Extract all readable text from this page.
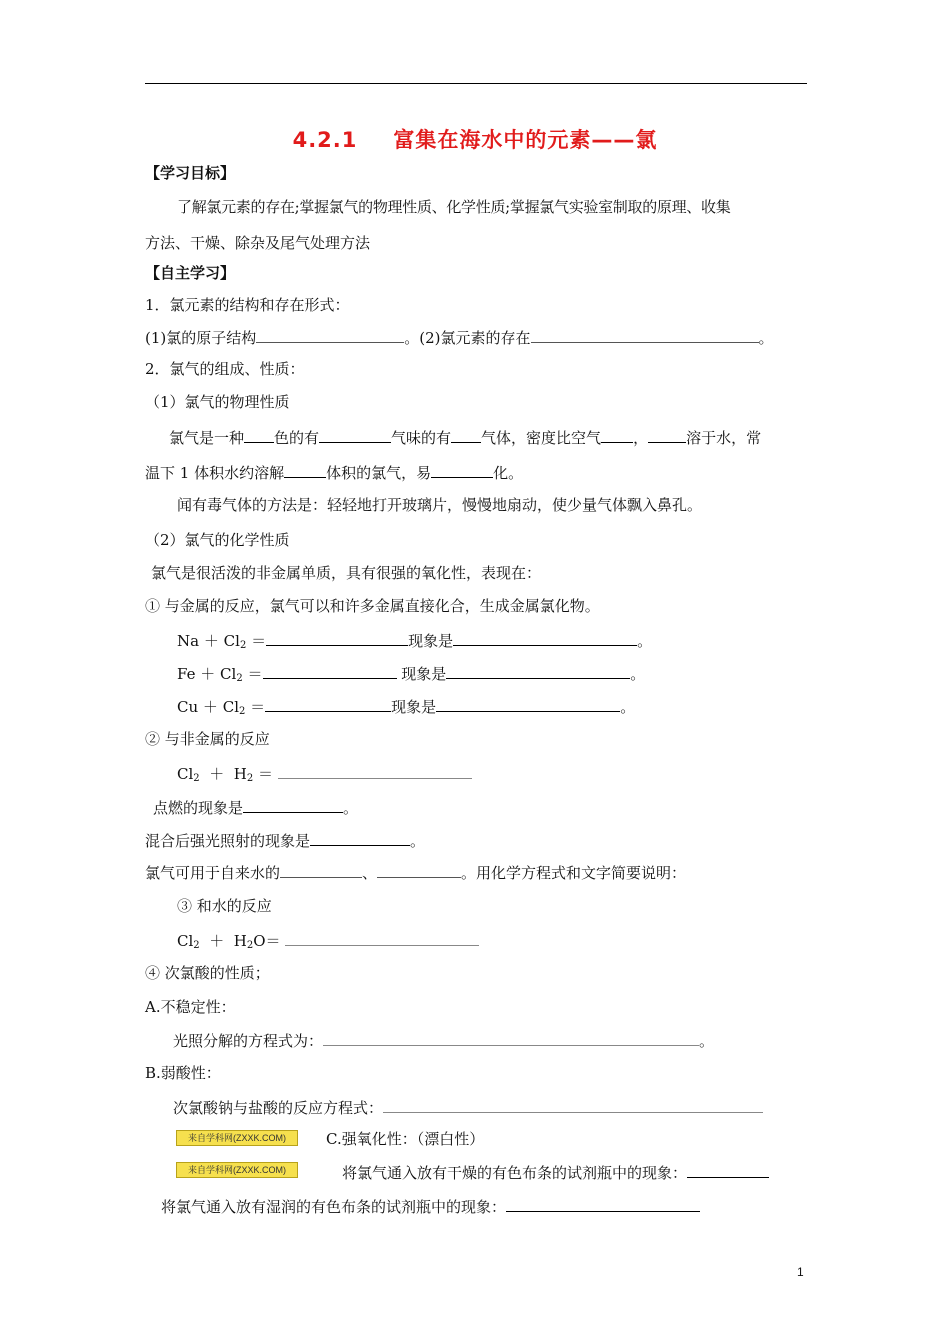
4.2.1 富集在海水中的元素——氯
【学习目标】
了解氯元素的存在;掌握氯气的物理性质、化学性质;掌握氯气实验室制取的原理、收集
方法、干燥、除杂及尾气处理方法
【自主学习】
1．氯元素的结构和存在形式：
(1)氯的原子结构	。(2)氯元素的存在	。
2．氯气的组成、性质：
（1）氯气的物理性质
氯气是一种 色的有	气味的有 气体，密度比空气 ，	溶于水，常
温下 1 体积水约溶解	体积的氯气，易	化。
闻有毒气体的方法是：轻轻地打开玻璃片，慢慢地扇动，使少量气体飘入鼻孔。
（2）氯气的化学性质
氯气是很活泼的非金属单质，具有很强的氧化性，表现在：
① 与金属的反应，氯气可以和许多金属直接化合，生成金属氯化物。
$Na + Cl_2$ ＝	现象是	。
$Fe + Cl_2$ ＝	现象是	。
$Cu + Cl_2$ ＝	现象是	。
② 与非金属的反应
$Cl_2 + H_2$ ＝
点燃的现象是	。
混合后强光照射的现象是	。
氯气可用于自来水的	、	。用化学方程式和文字简要说明：
③ 和水的反应
$Cl_2 + H_2O=$
④ 次氯酸的性质；
A.不稳定性：
光照分解的方程式为：	。
B.弱酸性：
次氯酸钠与盐酸的反应方程式：
来自学科网(ZXXK.COM)	C.强氧化性：（漂白性）
来自学科网(ZXXK.COM)	将氯气通入放有干燥的有色布条的试剂瓶中的现象：
将氯气通入放有湿润的有色布条的试剂瓶中的现象：
1
